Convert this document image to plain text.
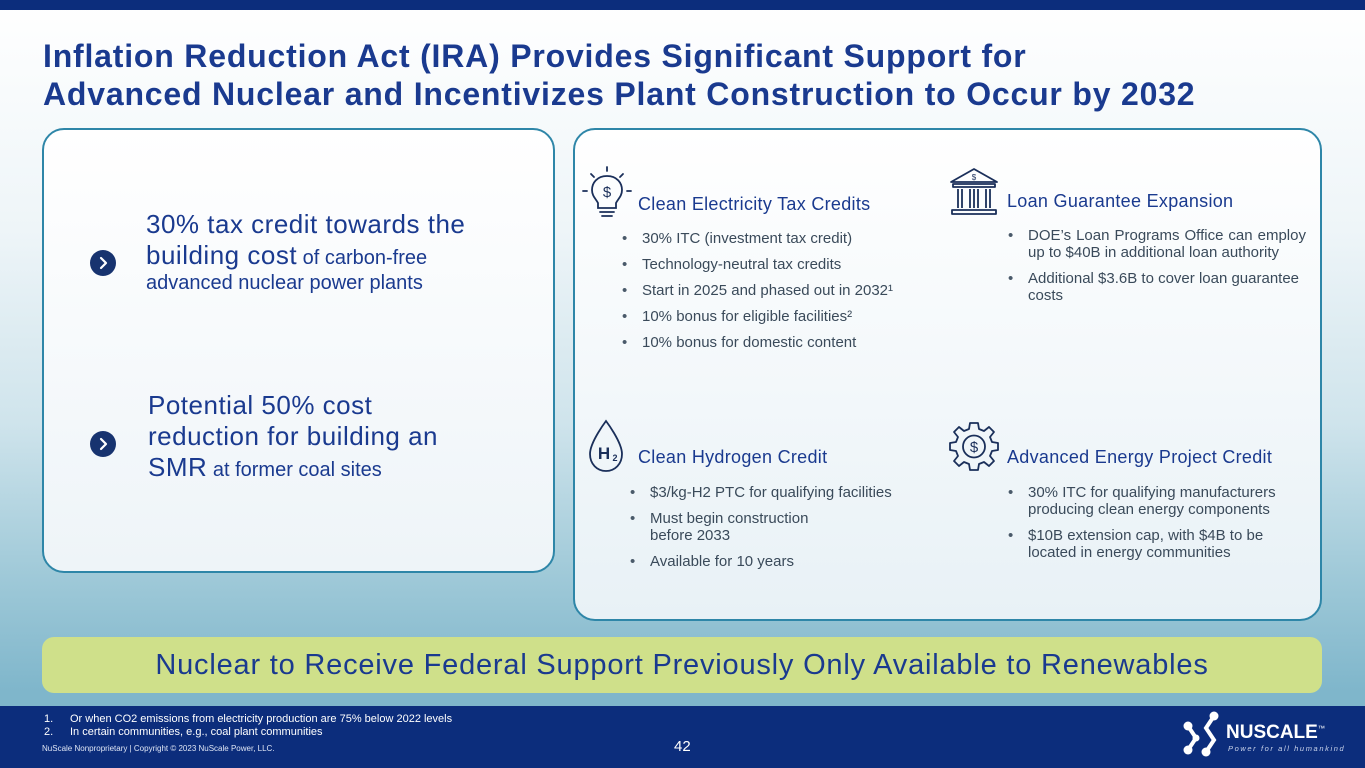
Inflation Reduction Act (IRA) Provides Significant Support for
Advanced Nuclear and Incentivizes Plant Construction to Occur by 2032
30% tax credit towards the building cost of carbon-free advanced nuclear power plants
Potential 50% cost reduction for building an SMR at former coal sites
$
Clean Electricity Tax Credits
• 30% ITC (investment tax credit)
• Technology-neutral tax credits
• Start in 2025 and phased out in 2032¹
• 10% bonus for eligible facilities²
• 10% bonus for domestic content
$
Loan Guarantee Expansion
• DOE’s Loan Programs Office can employ up to $40B in additional loan authority
• Additional $3.6B to cover loan guarantee costs
H 2 Clean Hydrogen Credit
• $3/kg-H2 PTC for qualifying facilities
• Must begin construction before 2033
• Available for 10 years
$ Advanced Energy Project Credit
• 30% ITC for qualifying manufacturers producing clean energy components
• $10B extension cap, with $4B to be located in energy communities
Nuclear to Receive Federal Support Previously Only Available to Renewables
1. Or when CO2 emissions from electricity production are 75% below 2022 levels
2. In certain communities, e.g., coal plant communities
NuScale Nonproprietary | Copyright © 2023 NuScale Power, LLC.	42
NUSCALE™
Power for all humankind
